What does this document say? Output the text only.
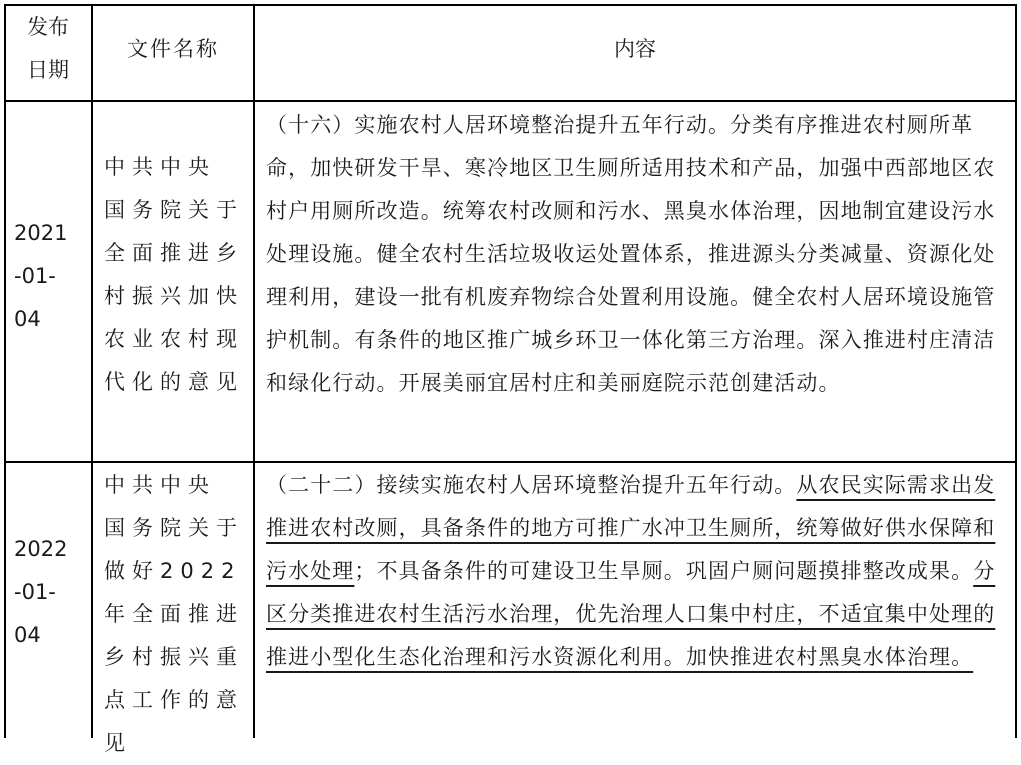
发布
日期
文件名称	内容
2021
-01-
04
中共中央 国务院关于全面推进乡村振兴加快农业农村现代化的意见
（十六）实施农村人居环境整治提升五年行动。分类有序推进农村厕所革命，加快研发干旱、寒冷地区卫生厕所适用技术和产品，加强中西部地区农村户用厕所改造。统筹农村改厕和污水、黑臭水体治理，因地制宜建设污水处理设施。健全农村生活垃圾收运处置体系，推进源头分类减量、资源化处理利用，建设一批有机废弃物综合处置利用设施。健全农村人居环境设施管护机制。有条件的地区推广城乡环卫一体化第三方治理。深入推进村庄清洁和绿化行动。开展美丽宜居村庄和美丽庭院示范创建活动。
2022
-01-
04
中共中央 国务院关于做好2022年全面推进乡村振兴重点工作的意见
（二十二）接续实施农村人居环境整治提升五年行动。从农民实际需求出发推进农村改厕，具备条件的地方可推广水冲卫生厕所，统筹做好供水保障和污水处理；不具备条件的可建设卫生旱厕。巩固户厕问题摸排整改成果。分区分类推进农村生活污水治理，优先治理人口集中村庄，不适宜集中处理的推进小型化生态化治理和污水资源化利用。加快推进农村黑臭水体治理。
